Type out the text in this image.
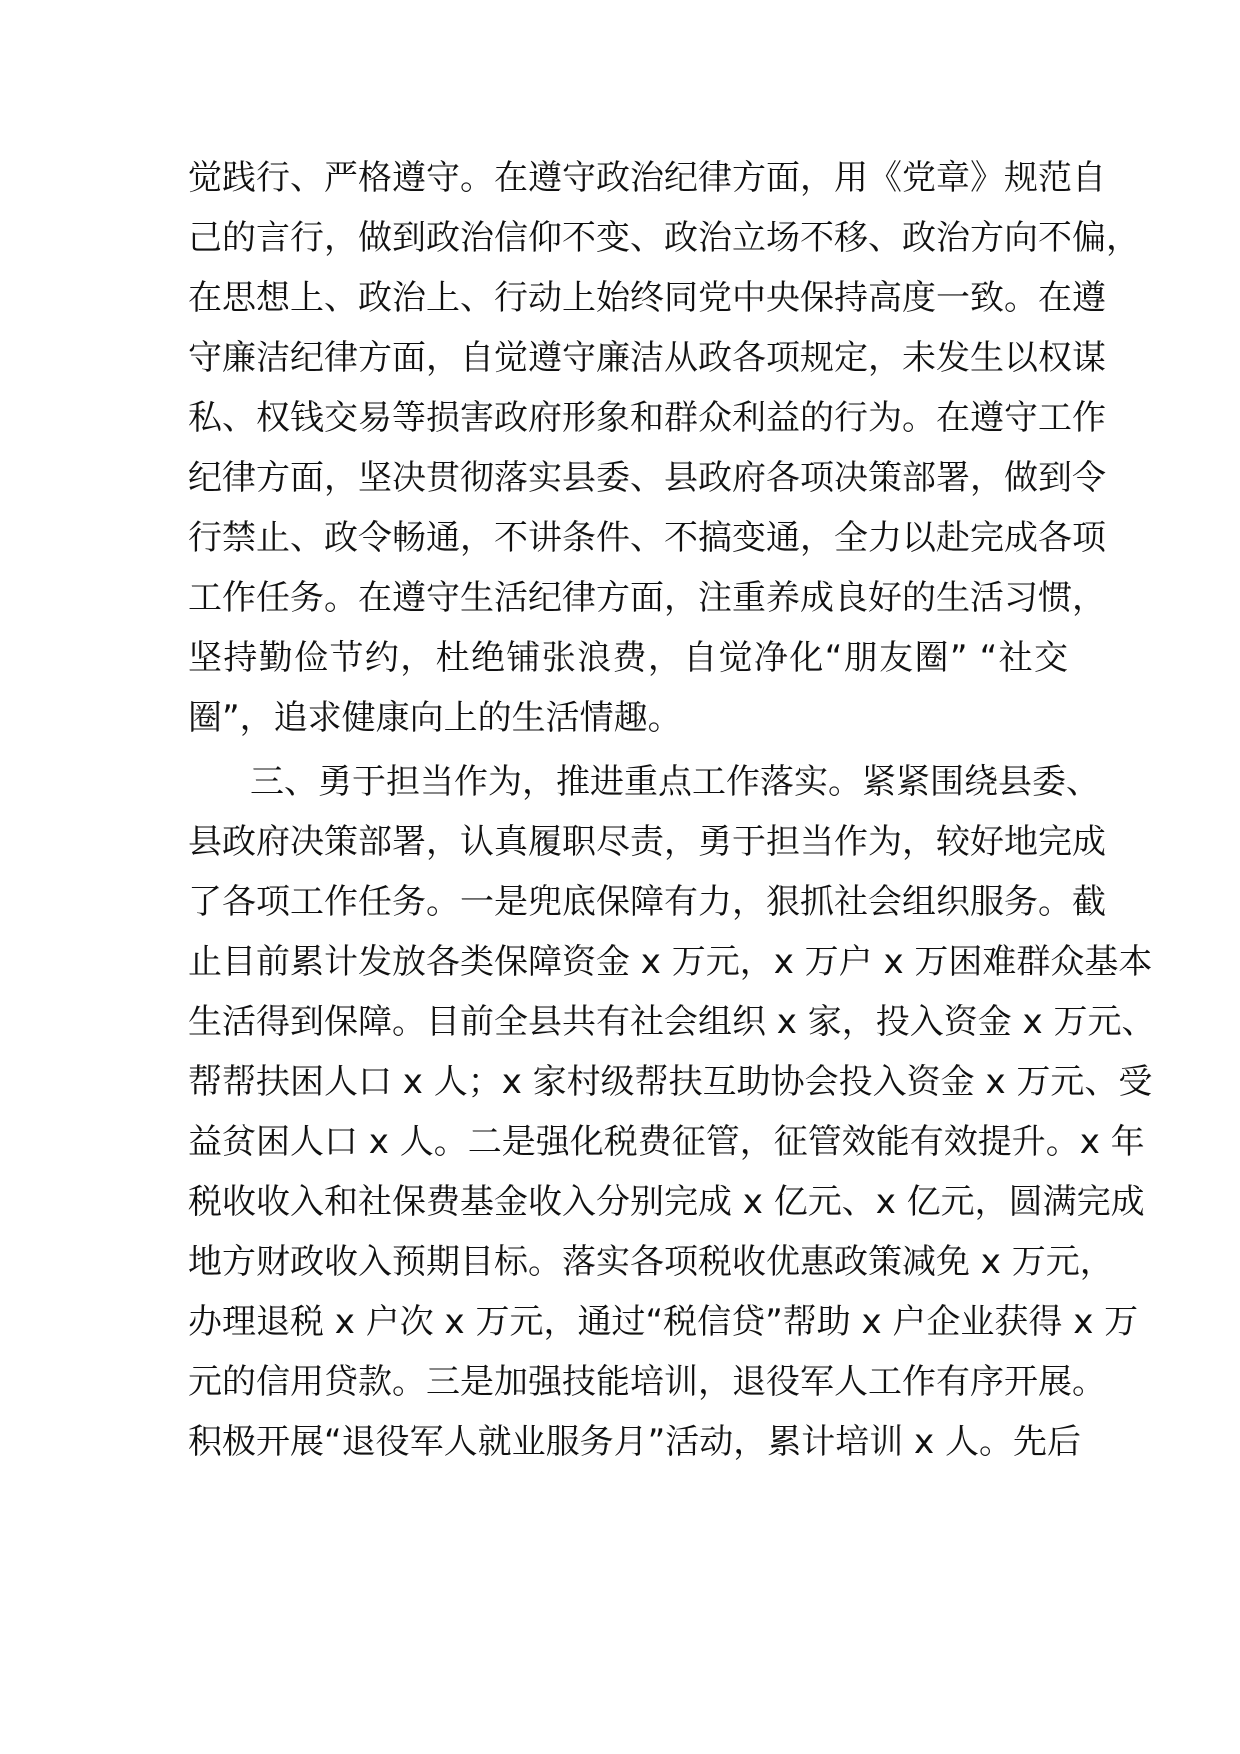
觉践行、严格遵守。在遵守政治纪律方面，用《党章》规范自
己的言行，做到政治信仰不变、政治立场不移、政治方向不偏，
在思想上、政治上、行动上始终同党中央保持高度一致。在遵
守廉洁纪律方面，自觉遵守廉洁从政各项规定，未发生以权谋
私、权钱交易等损害政府形象和群众利益的行为。在遵守工作
纪律方面，坚决贯彻落实县委、县政府各项决策部署，做到令
行禁止、政令畅通，不讲条件、不搞变通，全力以赴完成各项
工作任务。在遵守生活纪律方面，注重养成良好的生活习惯，
坚持勤俭节约，杜绝铺张浪费，自觉净化“朋友圈” “社交
圈”，追求健康向上的生活情趣。
三、勇于担当作为，推进重点工作落实。紧紧围绕县委、
县政府决策部署，认真履职尽责，勇于担当作为，较好地完成
了各项工作任务。一是兜底保障有力，狠抓社会组织服务。截
止目前累计发放各类保障资金 x 万元，x 万户 x 万困难群众基本
生活得到保障。目前全县共有社会组织 x 家，投入资金 x 万元、
帮帮扶困人口 x 人；x 家村级帮扶互助协会投入资金 x 万元、受
益贫困人口 x 人。二是强化税费征管，征管效能有效提升。x 年
税收收入和社保费基金收入分别完成 x 亿元、x 亿元，圆满完成
地方财政收入预期目标。落实各项税收优惠政策减免 x 万元，
办理退税 x 户次 x 万元，通过“税信贷”帮助 x 户企业获得 x 万
元的信用贷款。三是加强技能培训，退役军人工作有序开展。
积极开展“退役军人就业服务月”活动，累计培训 x 人。先后
